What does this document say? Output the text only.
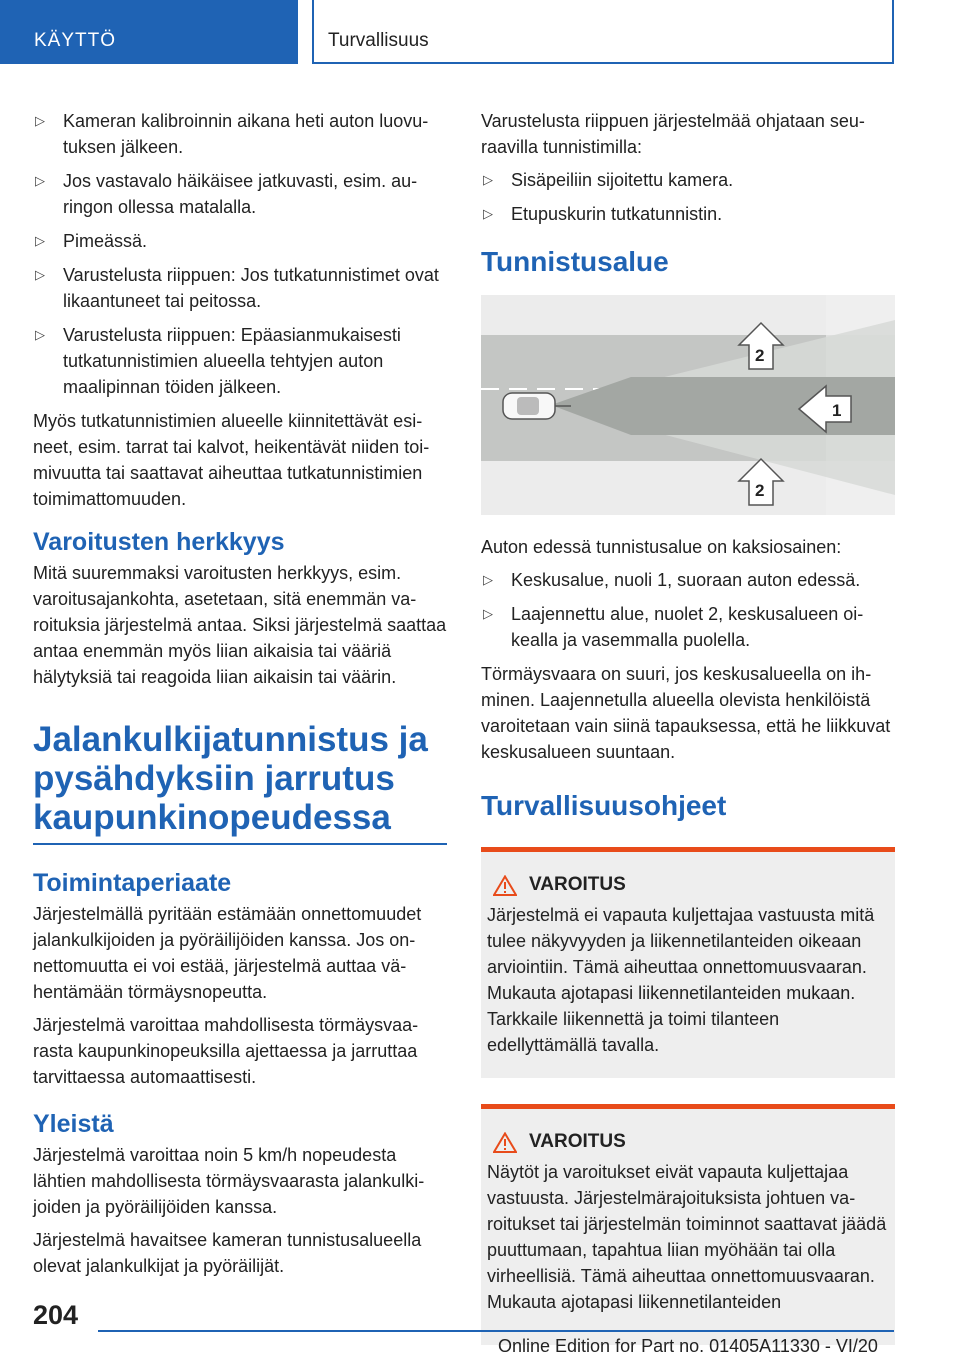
KÄYTTÖ	Turvallisuus
▷	Kameran kalibroinnin aikana heti auton luovutuksen jälkeen.
▷	Jos vastavalo häikäisee jatkuvasti, esim. auringon ollessa matalalla.
▷	Pimeässä.
▷	Varustelusta riippuen: Jos tutkatunnistimet ovat likaantuneet tai peitossa.
▷	Varustelusta riippuen: Epäasianmukaisesti tutkatunnistimien alueella tehtyjen auton maalipinnan töiden jälkeen.

Myös tutkatunnistimien alueelle kiinnitettävät esineet, esim. tarrat tai kalvot, heikentävät niiden toimivuutta tai saattavat aiheuttaa tutkatunnistimien toimimattomuuden.

Varoitusten herkkyys

Mitä suuremmaksi varoitusten herkkyys, esim. varoitusajankohta, asetetaan, sitä enemmän varoituksia järjestelmä antaa. Siksi järjestelmä saattaa antaa enemmän myös liian aikaisia tai vääriä hälytyksiä tai reagoida liian aikaisin tai väärin.

Jalankulkijatunnistus ja pysähdyksiin jarrutus kaupunkinopeudessa
Toimintaperiaate

Järjestelmällä pyritään estämään onnettomuudet jalankulkijoiden ja pyöräilijöiden kanssa. Jos onnettomuutta ei voi estää, järjestelmä auttaa vähentämään törmäysnopeutta.

Järjestelmä varoittaa mahdollisesta törmäysvaarasta kaupunkinopeuksilla ajettaessa ja jarruttaa tarvittaessa automaattisesti.

Yleistä

Järjestelmä varoittaa noin 5 km/h nopeudesta lähtien mahdollisesta törmäysvaarasta jalankulkijoiden ja pyöräilijöiden kanssa.

Järjestelmä havaitsee kameran tunnistusalueella olevat jalankulkijat ja pyöräilijät.

Varustelusta riippuen järjestelmää ohjataan seuraavilla tunnistimilla:

▷	Sisäpeiliin sijoitettu kamera.
▷	Etupuskurin tutkatunnistin.
Tunnistusalue
1
2
2

Auton edessä tunnistusalue on kaksiosainen:

▷	Keskusalue, nuoli 1, suoraan auton edessä.
▷	Laajennettu alue, nuolet 2, keskusalueen oikealla ja vasemmalla puolella.

Törmäysvaara on suuri, jos keskusalueella on ihminen. Laajennetulla alueella olevista henkilöistä varoitetaan vain siinä tapauksessa, että he liikkuvat keskusalueen suuntaan.

Turvallisuusohjeet
VAROITUS

Järjestelmä ei vapauta kuljettajaa vastuusta mitä tulee näkyvyyden ja liikennetilanteiden oikeaan arviointiin. Tämä aiheuttaa onnettomuusvaaran. Mukauta ajotapasi liikennetilanteiden mukaan. Tarkkaile liikennettä ja toimi tilanteen edellyttämällä tavalla.

VAROITUS

Näytöt ja varoitukset eivät vapauta kuljettajaa vastuusta. Järjestelmärajoituksista johtuen varoitukset tai järjestelmän toiminnot saattavat jäädä puuttumaan, tapahtua liian myöhään tai olla virheellisiä. Tämä aiheuttaa onnettomuusvaaran. Mukauta ajotapasi liikennetilanteiden

204
Online Edition for Part no. 01405A11330 - VI/20
